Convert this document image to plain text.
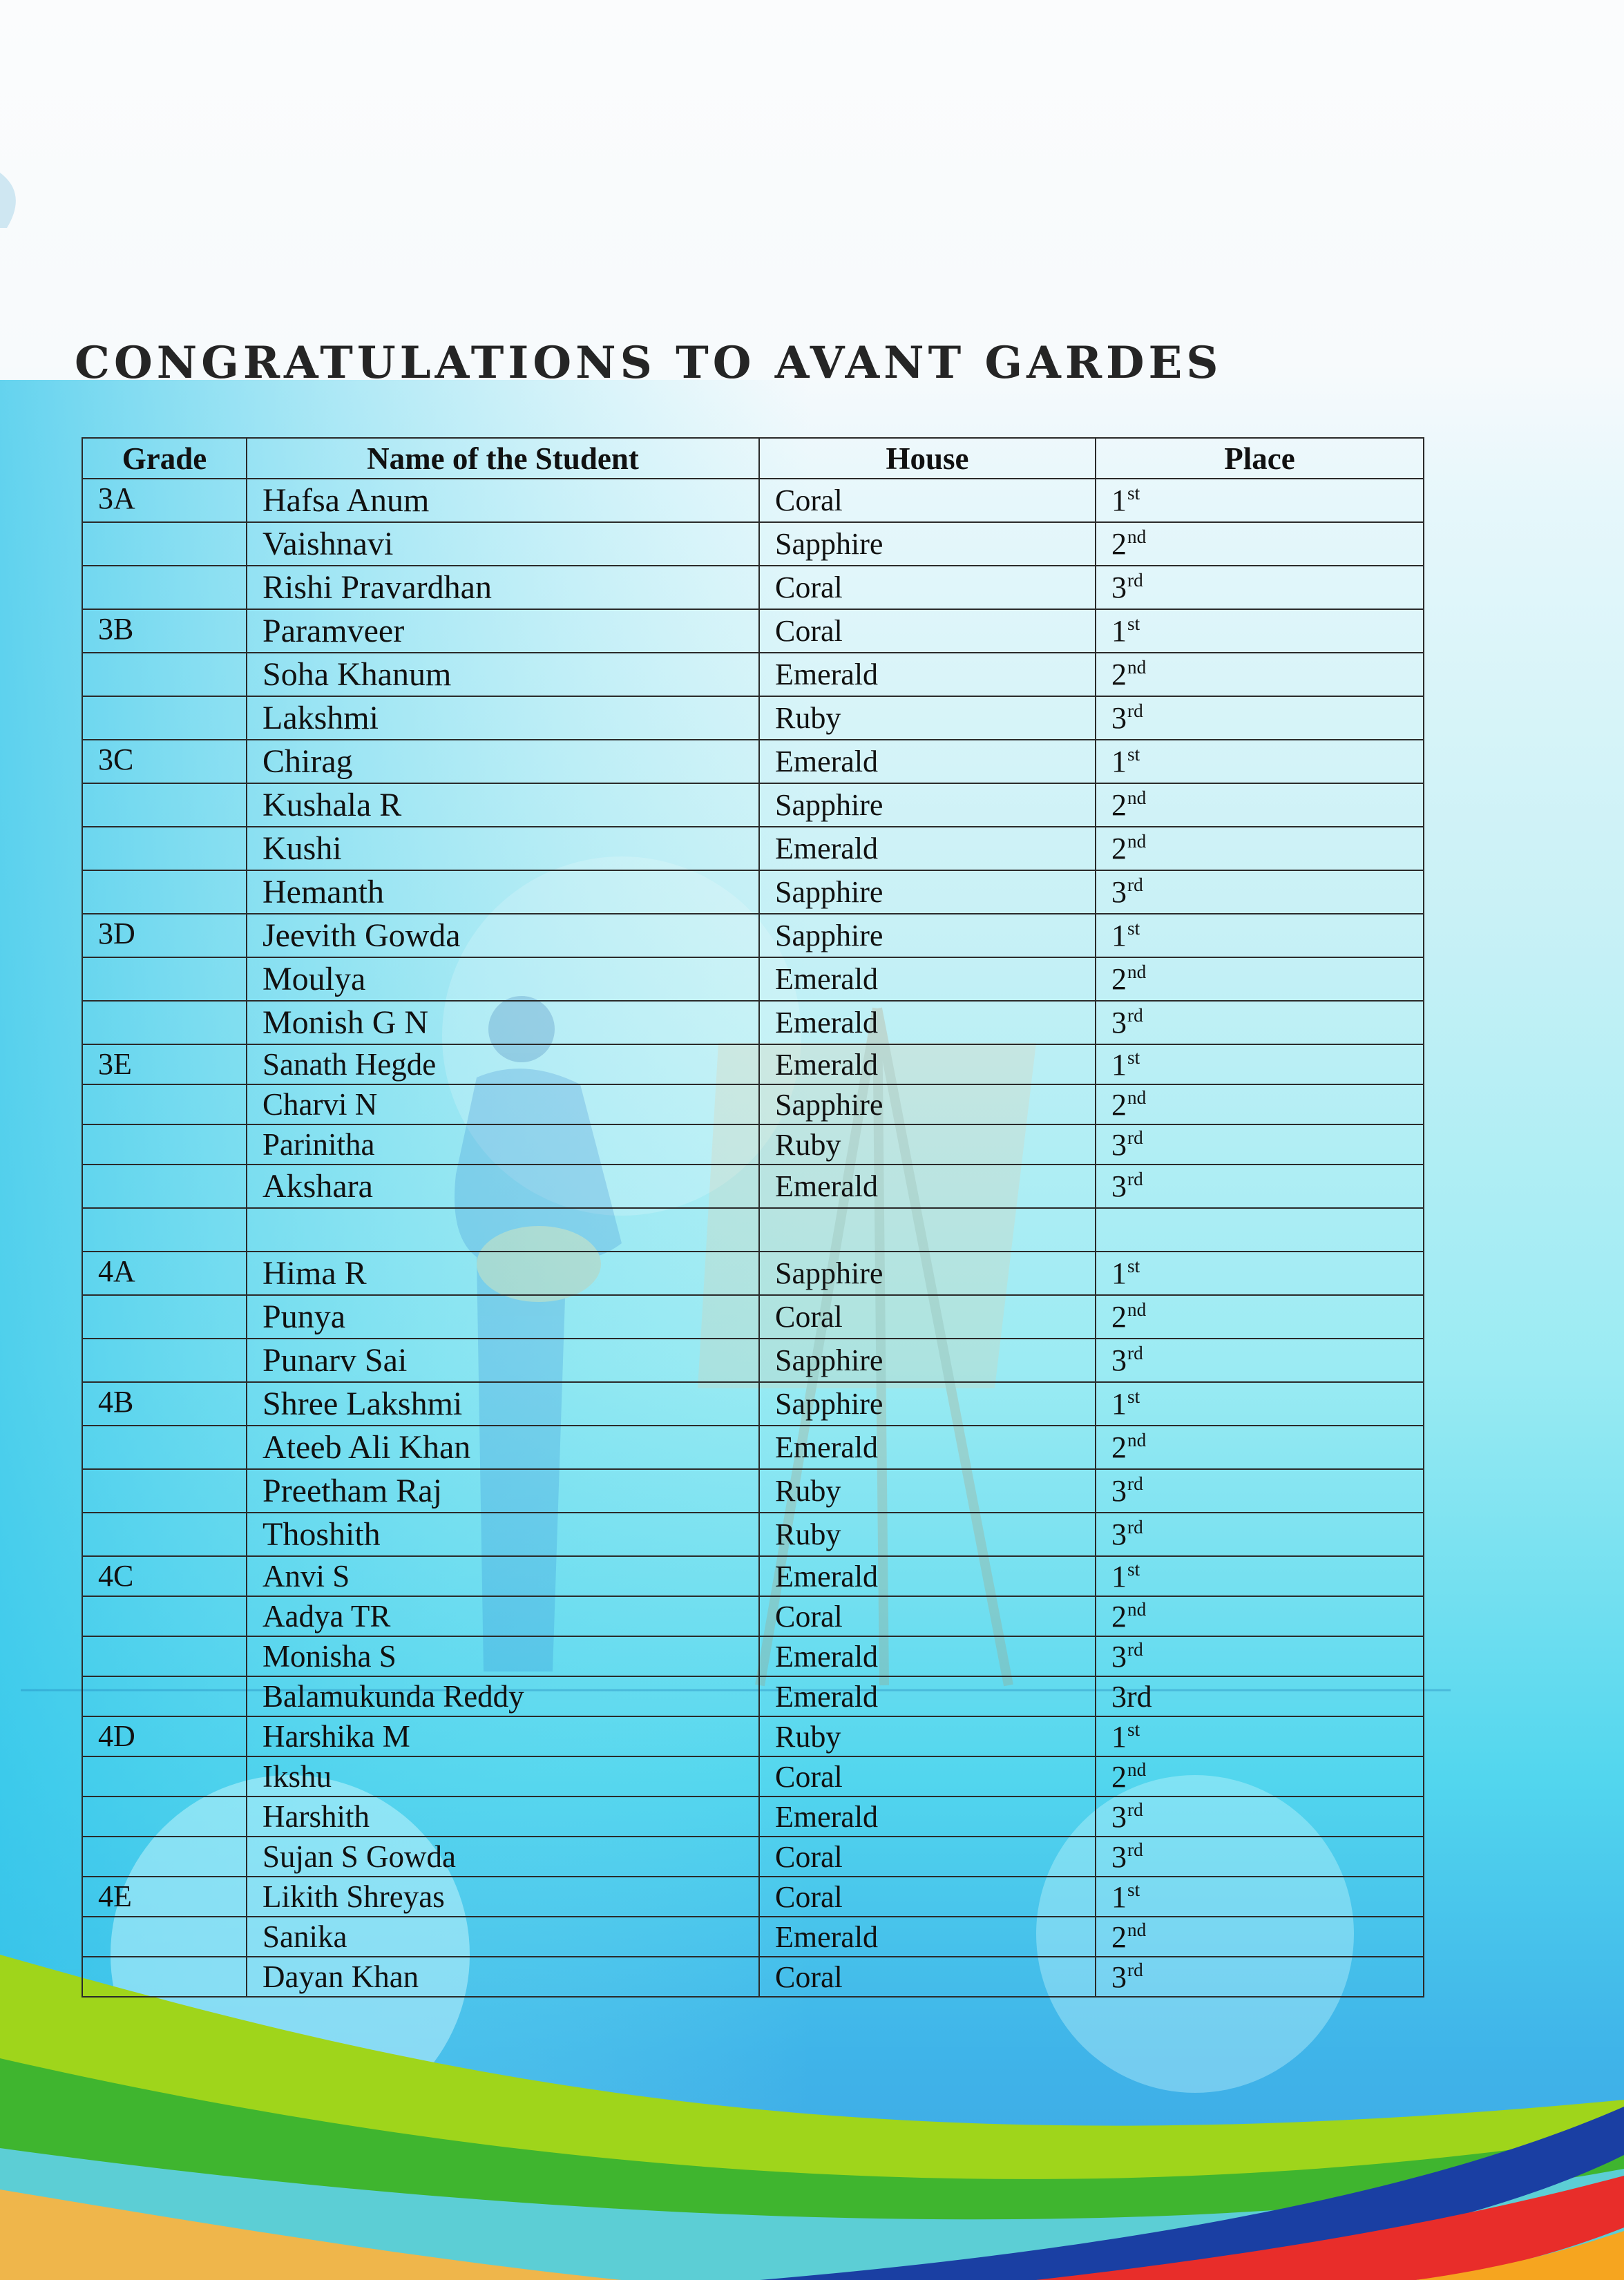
CONGRATULATIONS TO AVANT GARDES
Grade	Name of the Student	House	Place
3A	Hafsa Anum	Coral	1st
	Vaishnavi	Sapphire	2nd
	Rishi Pravardhan	Coral	3rd
3B	Paramveer	Coral	1st
	Soha Khanum	Emerald	2nd
	Lakshmi	Ruby	3rd
3C	Chirag	Emerald	1st
	Kushala R	Sapphire	2nd
	Kushi	Emerald	2nd
	Hemanth	Sapphire	3rd
3D	Jeevith Gowda	Sapphire	1st
	Moulya	Emerald	2nd
	Monish G N	Emerald	3rd
3E	Sanath Hegde	Emerald	1st
	Charvi N	Sapphire	2nd
	Parinitha	Ruby	3rd
	Akshara	Emerald	3rd

4A	Hima R	Sapphire	1st
	Punya	Coral	2nd
	Punarv Sai	Sapphire	3rd
4B	Shree Lakshmi	Sapphire	1st
	Ateeb Ali Khan	Emerald	2nd
	Preetham Raj	Ruby	3rd
	Thoshith	Ruby	3rd
4C	Anvi S	Emerald	1st
	Aadya TR	Coral	2nd
	Monisha S	Emerald	3rd
	Balamukunda Reddy	Emerald	3rd
4D	Harshika M	Ruby	1st
	Ikshu	Coral	2nd
	Harshith	Emerald	3rd
	Sujan S Gowda	Coral	3rd
4E	Likith Shreyas	Coral	1st
	Sanika	Emerald	2nd
	Dayan Khan	Coral	3rd
